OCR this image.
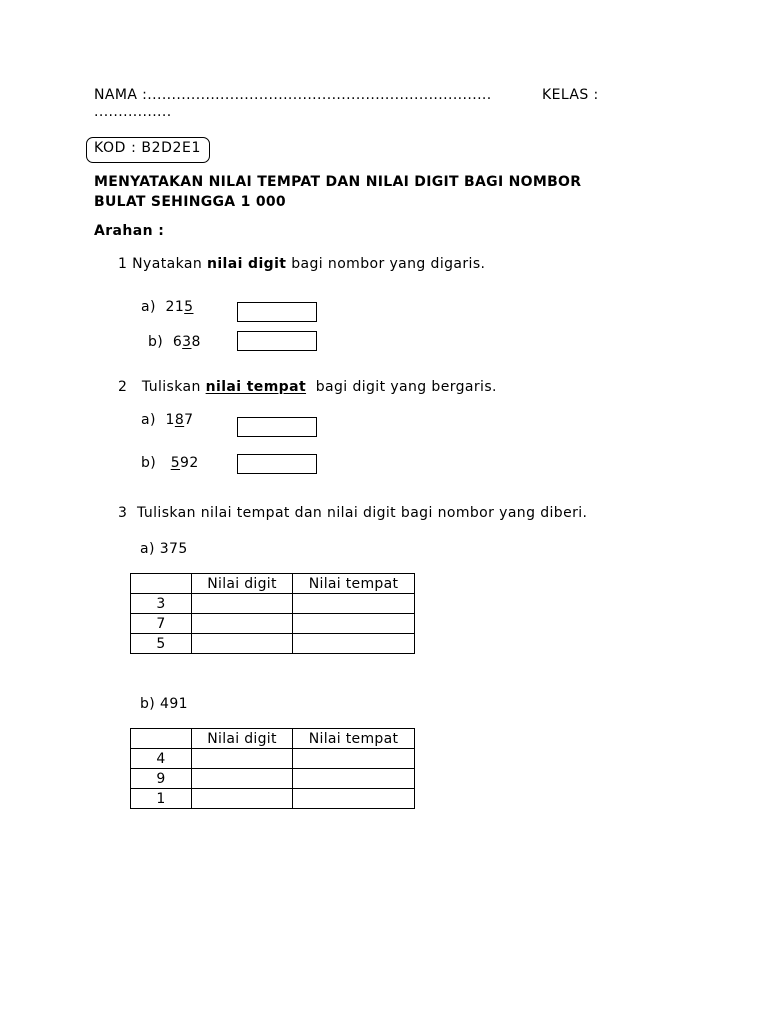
NAMA :.......................................................................	KELAS :
................
KOD : B2D2E1
MENYATAKAN NILAI TEMPAT DAN NILAI DIGIT BAGI NOMBOR
BULAT SEHINGGA 1 000
Arahan :
1 Nyatakan nilai digit bagi nombor yang digaris.
a) 215
b) 638
2 Tuliskan nilai tempat bagi digit yang bergaris.
a) 187
b) 592
3 Tuliskan nilai tempat dan nilai digit bagi nombor yang diberi.
a) 375
	Nilai digit	Nilai tempat
3		
7		
5		
b) 491
	Nilai digit	Nilai tempat
4		
9		
1		
